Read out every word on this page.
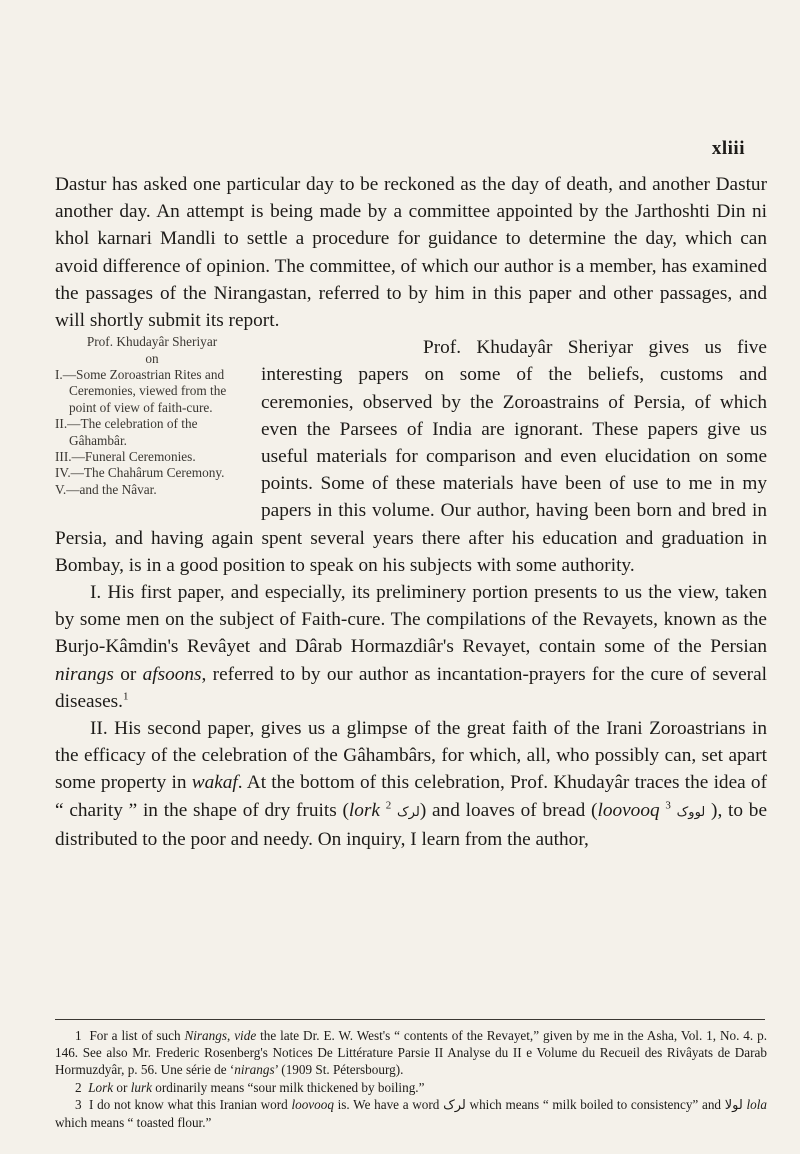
xliii

Dastur has asked one particular day to be reckoned as the day of death, and another Dastur another day. An attempt is being made by a committee appointed by the Jarthoshti Din ni khol karnari Mandli to settle a procedure for guidance to determine the day, which can avoid difference of opinion. The committee, of which our author is a member, has examined the passages of the Nirangastan, referred to by him in this paper and other passages, and will shortly submit its report.

Prof. Khudayâr Sheriyar
on
I.—Some Zoroastrian Rites and Ceremonies, viewed from the point of view of faith-cure.
II.—The celebration of the Gâhambâr.
III.—Funeral Ceremonies.
IV.—The Chahârum Ceremony.
V.—and the Nâvar.

Prof. Khudayâr Sheriyar gives us five interesting papers on some of the beliefs, customs and ceremonies, observed by the Zoroastrains of Persia, of which even the Parsees of India are ignorant. These papers give us useful materials for comparison and even elucidation on some points. Some of these materials have been of use to me in my papers in this volume. Our author, having been born and bred in Persia, and having again spent several years there after his education and graduation in Bombay, is in a good position to speak on his subjects with some authority.

I. His first paper, and especially, its preliminery portion presents to us the view, taken by some men on the subject of Faith-cure. The compilations of the Revayets, known as the Burjo-Kâmdin's Revâyet and Dârab Hormazdiâr's Revayet, contain some of the Persian nirangs or afsoons, referred to by our author as incantation-prayers for the cure of several diseases.$^1$

II. His second paper, gives us a glimpse of the great faith of the Irani Zoroastrians in the efficacy of the celebration of the Gâhambârs, for which, all, who possibly can, set apart some property in wakaf. At the bottom of this celebration, Prof. Khudayâr traces the idea of “ charity ” in the shape of dry fruits (lork لرک $^2$ ) and loaves of bread (loovooq لووک $^3$ ), to be distributed to the poor and needy. On inquiry, I learn from the author,

1 For a list of such Nirangs, vide the late Dr. E. W. West's “ contents of the Revayet,” given by me in the Asha, Vol. 1, No. 4. p. 146. See also Mr. Frederic Rosenberg's Notices De Littérature Parsie II Analyse du II e Volume du Recueil des Rivâyats de Darab Hormuzdyâr, p. 56. Une série de ‘nirangs’ (1909 St. Pétersbourg).

2 Lork or lurk ordinarily means “sour milk thickened by boiling.”

3 I do not know what this Iranian word loovooq is. We have a word لرک which means “ milk boiled to consistency” and لولا lola which means “ toasted flour.”
